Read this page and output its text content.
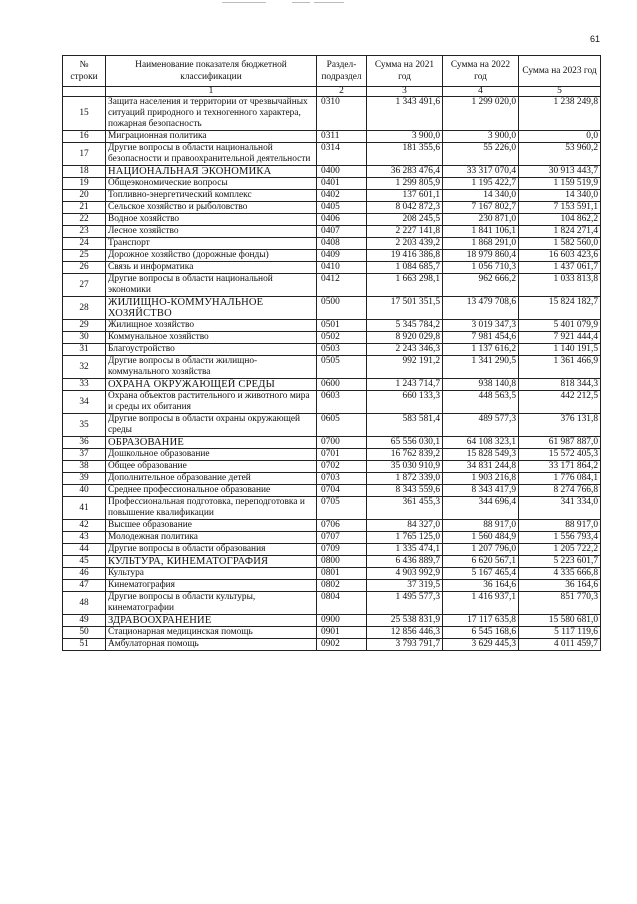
61
№ строки	Наименование показателя бюджетной классификации	Раздел-подраздел	Сумма на 2021 год	Сумма на 2022 год	Сумма на 2023 год
	1	2	3	4	5
15	Защита населения и территории от чрезвычайных ситуаций природного и техногенного характера, пожарная безопасность	0310	1 343 491,6	1 299 020,0	1 238 249,8
16	Миграционная политика	0311	3 900,0	3 900,0	0,0
17	Другие вопросы в области национальной безопасности и правоохранительной деятельности	0314	181 355,6	55 226,0	53 960,2
18	НАЦИОНАЛЬНАЯ ЭКОНОМИКА	0400	36 283 476,4	33 317 070,4	30 913 443,7
19	Общеэкономические вопросы	0401	1 299 805,9	1 195 422,7	1 159 519,9
20	Топливно-энергетический комплекс	0402	137 601,1	14 340,0	14 340,0
21	Сельское хозяйство и рыболовство	0405	8 042 872,3	7 167 802,7	7 153 591,1
22	Водное хозяйство	0406	208 245,5	230 871,0	104 862,2
23	Лесное хозяйство	0407	2 227 141,8	1 841 106,1	1 824 271,4
24	Транспорт	0408	2 203 439,2	1 868 291,0	1 582 560,0
25	Дорожное хозяйство (дорожные фонды)	0409	19 416 386,8	18 979 860,4	16 603 423,6
26	Связь и информатика	0410	1 084 685,7	1 056 710,3	1 437 061,7
27	Другие вопросы в области национальной экономики	0412	1 663 298,1	962 666,2	1 033 813,8
28	ЖИЛИЩНО-КОММУНАЛЬНОЕ ХОЗЯЙСТВО	0500	17 501 351,5	13 479 708,6	15 824 182,7
29	Жилищное хозяйство	0501	5 345 784,2	3 019 347,3	5 401 079,9
30	Коммунальное хозяйство	0502	8 920 029,8	7 981 454,6	7 921 444,4
31	Благоустройство	0503	2 243 346,3	1 137 616,2	1 140 191,5
32	Другие вопросы в области жилищно-коммунального хозяйства	0505	992 191,2	1 341 290,5	1 361 466,9
33	ОХРАНА ОКРУЖАЮЩЕЙ СРЕДЫ	0600	1 243 714,7	938 140,8	818 344,3
34	Охрана объектов растительного и животного мира и среды их обитания	0603	660 133,3	448 563,5	442 212,5
35	Другие вопросы в области охраны окружающей среды	0605	583 581,4	489 577,3	376 131,8
36	ОБРАЗОВАНИЕ	0700	65 556 030,1	64 108 323,1	61 987 887,0
37	Дошкольное образование	0701	16 762 839,2	15 828 549,3	15 572 405,3
38	Общее образование	0702	35 030 910,9	34 831 244,8	33 171 864,2
39	Дополнительное образование детей	0703	1 872 339,0	1 903 216,8	1 776 084,1
40	Среднее профессиональное образование	0704	8 343 559,6	8 343 417,9	8 274 766,8
41	Профессиональная подготовка, переподготовка и повышение квалификации	0705	361 455,3	344 696,4	341 334,0
42	Высшее образование	0706	84 327,0	88 917,0	88 917,0
43	Молодежная политика	0707	1 765 125,0	1 560 484,9	1 556 793,4
44	Другие вопросы в области образования	0709	1 335 474,1	1 207 796,0	1 205 722,2
45	КУЛЬТУРА, КИНЕМАТОГРАФИЯ	0800	6 436 889,7	6 620 567,1	5 223 601,7
46	Культура	0801	4 903 992,9	5 167 465,4	4 335 666,8
47	Кинематография	0802	37 319,5	36 164,6	36 164,6
48	Другие вопросы в области культуры, кинематографии	0804	1 495 577,3	1 416 937,1	851 770,3
49	ЗДРАВООХРАНЕНИЕ	0900	25 538 831,9	17 117 635,8	15 580 681,0
50	Стационарная медицинская помощь	0901	12 856 446,3	6 545 168,6	5 117 119,6
51	Амбулаторная помощь	0902	3 793 791,7	3 629 445,3	4 011 459,7
